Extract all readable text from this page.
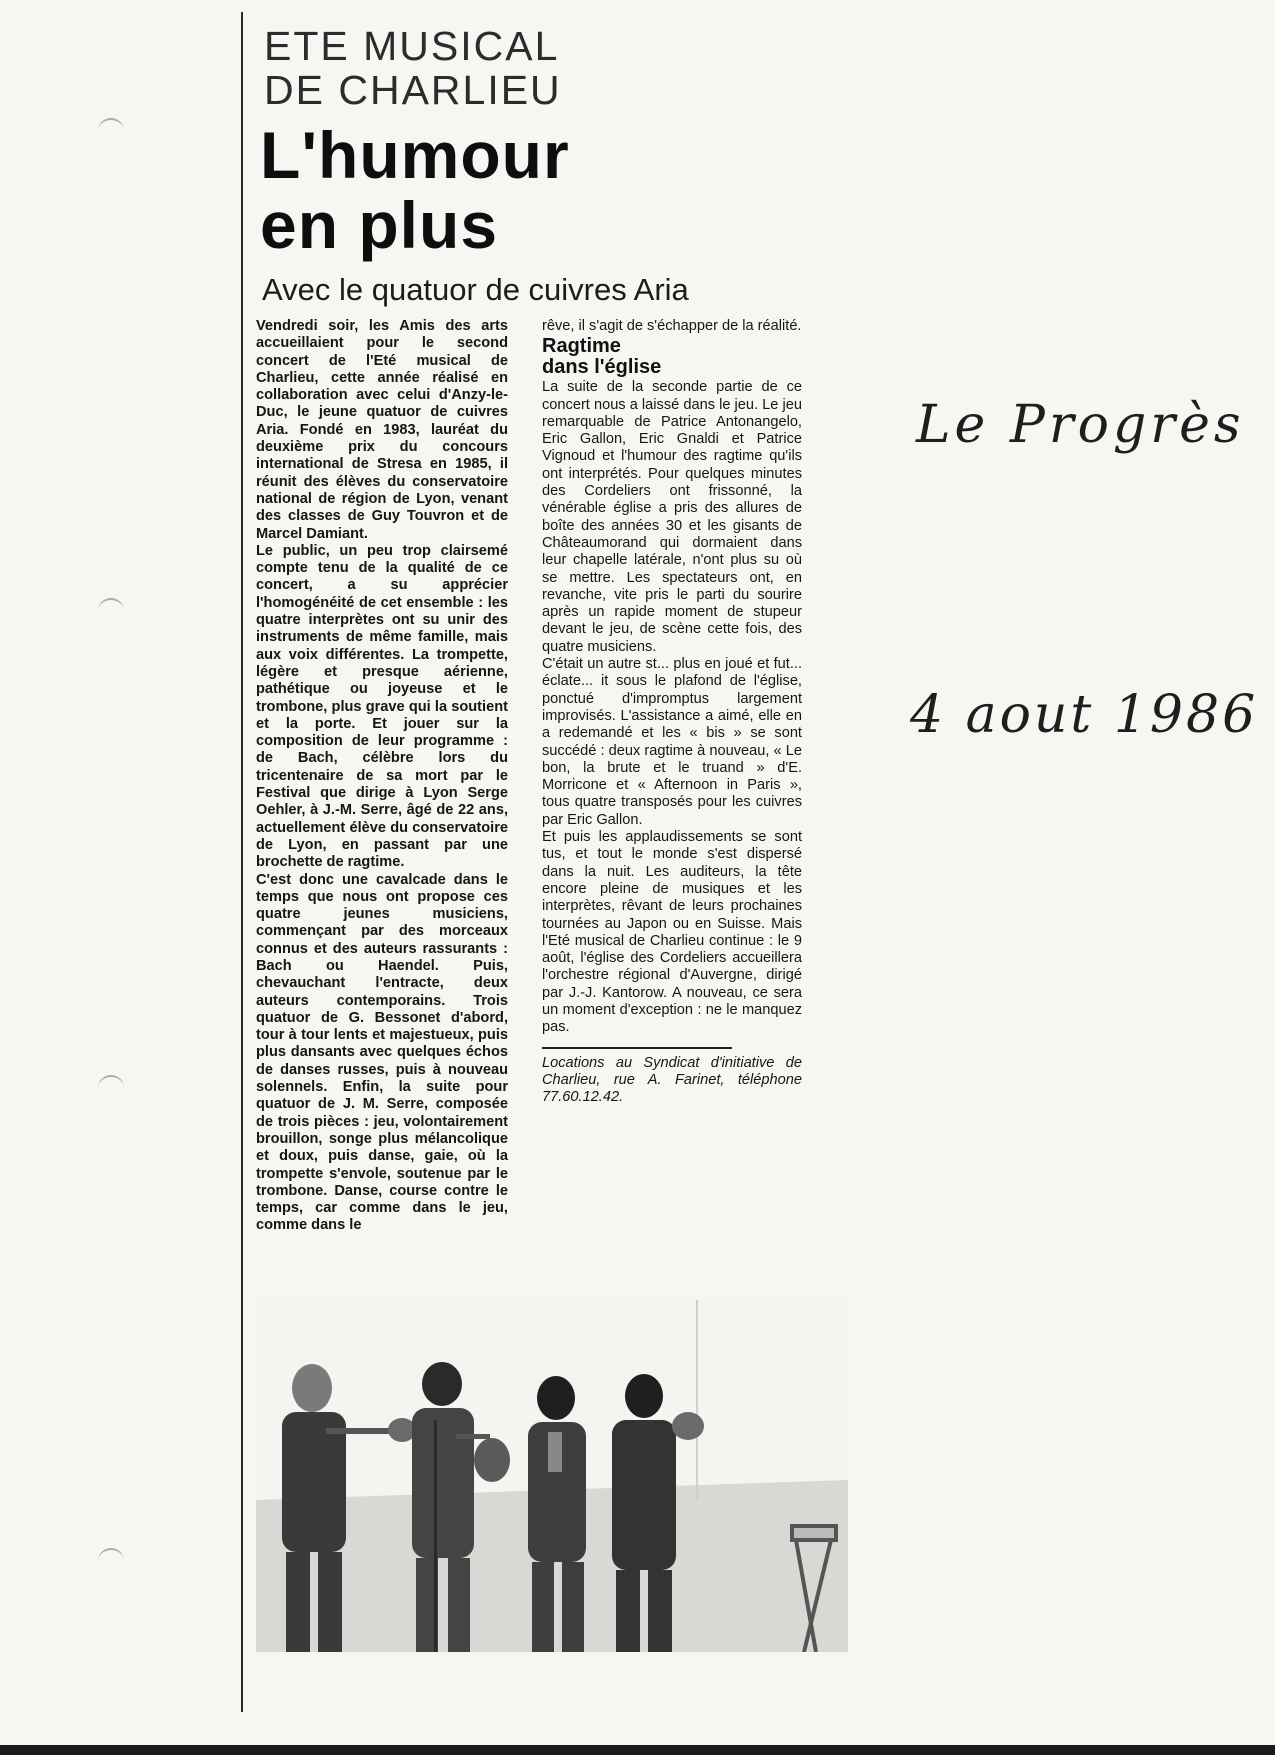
ETE MUSICAL
DE CHARLIEU
L'humour
en plus
Avec le quatuor de cuivres Aria

Vendredi soir, les Amis des arts accueillaient pour le second concert de l'Eté musical de Charlieu, cette année réalisé en collaboration avec celui d'Anzy-le-Duc, le jeune quatuor de cuivres Aria. Fondé en 1983, lauréat du deuxième prix du concours international de Stresa en 1985, il réunit des élèves du conservatoire national de région de Lyon, venant des classes de Guy Touvron et de Marcel Damiant.

Le public, un peu trop clairsemé compte tenu de la qualité de ce concert, a su apprécier l'homogénéité de cet ensemble : les quatre interprètes ont su unir des instruments de même famille, mais aux voix différentes. La trompette, légère et presque aérienne, pathétique ou joyeuse et le trombone, plus grave qui la soutient et la porte. Et jouer sur la composition de leur programme : de Bach, célèbre lors du tricentenaire de sa mort par le Festival que dirige à Lyon Serge Oehler, à J.-M. Serre, âgé de 22 ans, actuellement élève du conservatoire de Lyon, en passant par une brochette de ragtime.

C'est donc une cavalcade dans le temps que nous ont propose ces quatre jeunes musiciens, commençant par des morceaux connus et des auteurs rassurants : Bach ou Haendel. Puis, chevauchant l'entracte, deux auteurs contemporains. Trois quatuor de G. Bessonet d'abord, tour à tour lents et majestueux, puis plus dansants avec quelques échos de danses russes, puis à nouveau solennels. Enfin, la suite pour quatuor de J. M. Serre, composée de trois pièces : jeu, volontairement brouillon, songe plus mélancolique et doux, puis danse, gaie, où la trompette s'envole, soutenue par le trombone. Danse, course contre le temps, car comme dans le jeu, comme dans le

rêve, il s'agit de s'échapper de la réalité.

Ragtime
dans l'église

La suite de la seconde partie de ce concert nous a laissé dans le jeu. Le jeu remarquable de Patrice Antonangelo, Eric Gallon, Eric Gnaldi et Patrice Vignoud et l'humour des ragtime qu'ils ont interprétés. Pour quelques minutes des Cordeliers ont frissonné, la vénérable église a pris des allures de boîte des années 30 et les gisants de Châteaumorand qui dormaient dans leur chapelle latérale, n'ont plus su où se mettre. Les spectateurs ont, en revanche, vite pris le parti du sourire après un rapide moment de stupeur devant le jeu, de scène cette fois, des quatre musiciens.

C'était un autre st... plus en joué et fut... éclate... it sous le plafond de l'église, ponctué d'impromptus largement improvisés. L'assistance a aimé, elle en a redemandé et les « bis » se sont succédé : deux ragtime à nouveau, « Le bon, la brute et le truand » d'E. Morricone et « Afternoon in Paris », tous quatre transposés pour les cuivres par Eric Gallon.

Et puis les applaudissements se sont tus, et tout le monde s'est dispersé dans la nuit. Les auditeurs, la tête encore pleine de musiques et les interprètes, rêvant de leurs prochaines tournées au Japon ou en Suisse. Mais l'Eté musical de Charlieu continue : le 9 août, l'église des Cordeliers accueillera l'orchestre régional d'Auvergne, dirigé par J.-J. Kantorow. A nouveau, ce sera un moment d'exception : ne le manquez pas.

Locations au Syndicat d'initiative de Charlieu, rue A. Farinet, téléphone 77.60.12.42.

Le Progrès
4 aout 1986
